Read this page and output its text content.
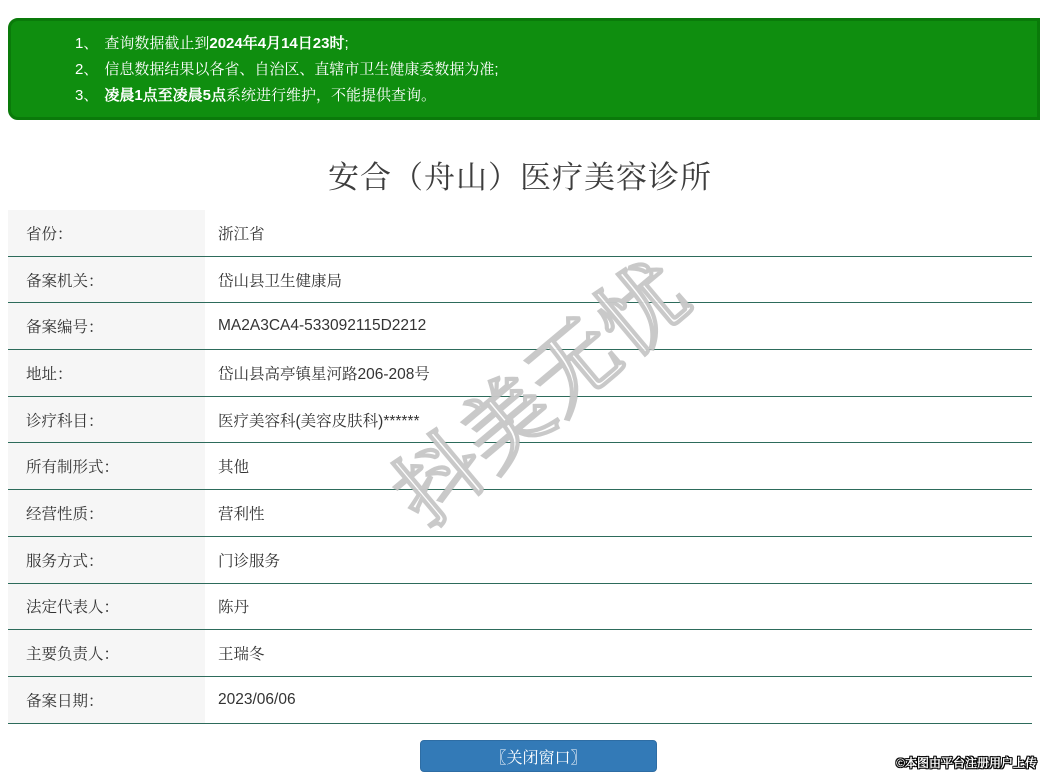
1、 查询数据截止到2024年4月14日23时;
2、 信息数据结果以各省、自治区、直辖市卫生健康委数据为准;
3、 凌晨1点至凌晨5点系统进行维护，不能提供查询。
安合（舟山）医疗美容诊所
省份：	浙江省
备案机关：	岱山县卫生健康局
备案编号：	MA2A3CA4-533092115D2212
地址：	岱山县高亭镇星河路206-208号
诊疗科目：	医疗美容科(美容皮肤科)******
所有制形式：	其他
经营性质：	营利性
服务方式：	门诊服务
法定代表人：	陈丹
主要负责人：	王瑞冬
备案日期：	2023/06/06
〖关闭窗口〗
抖美无忧
©本图由平台注册用户上传
